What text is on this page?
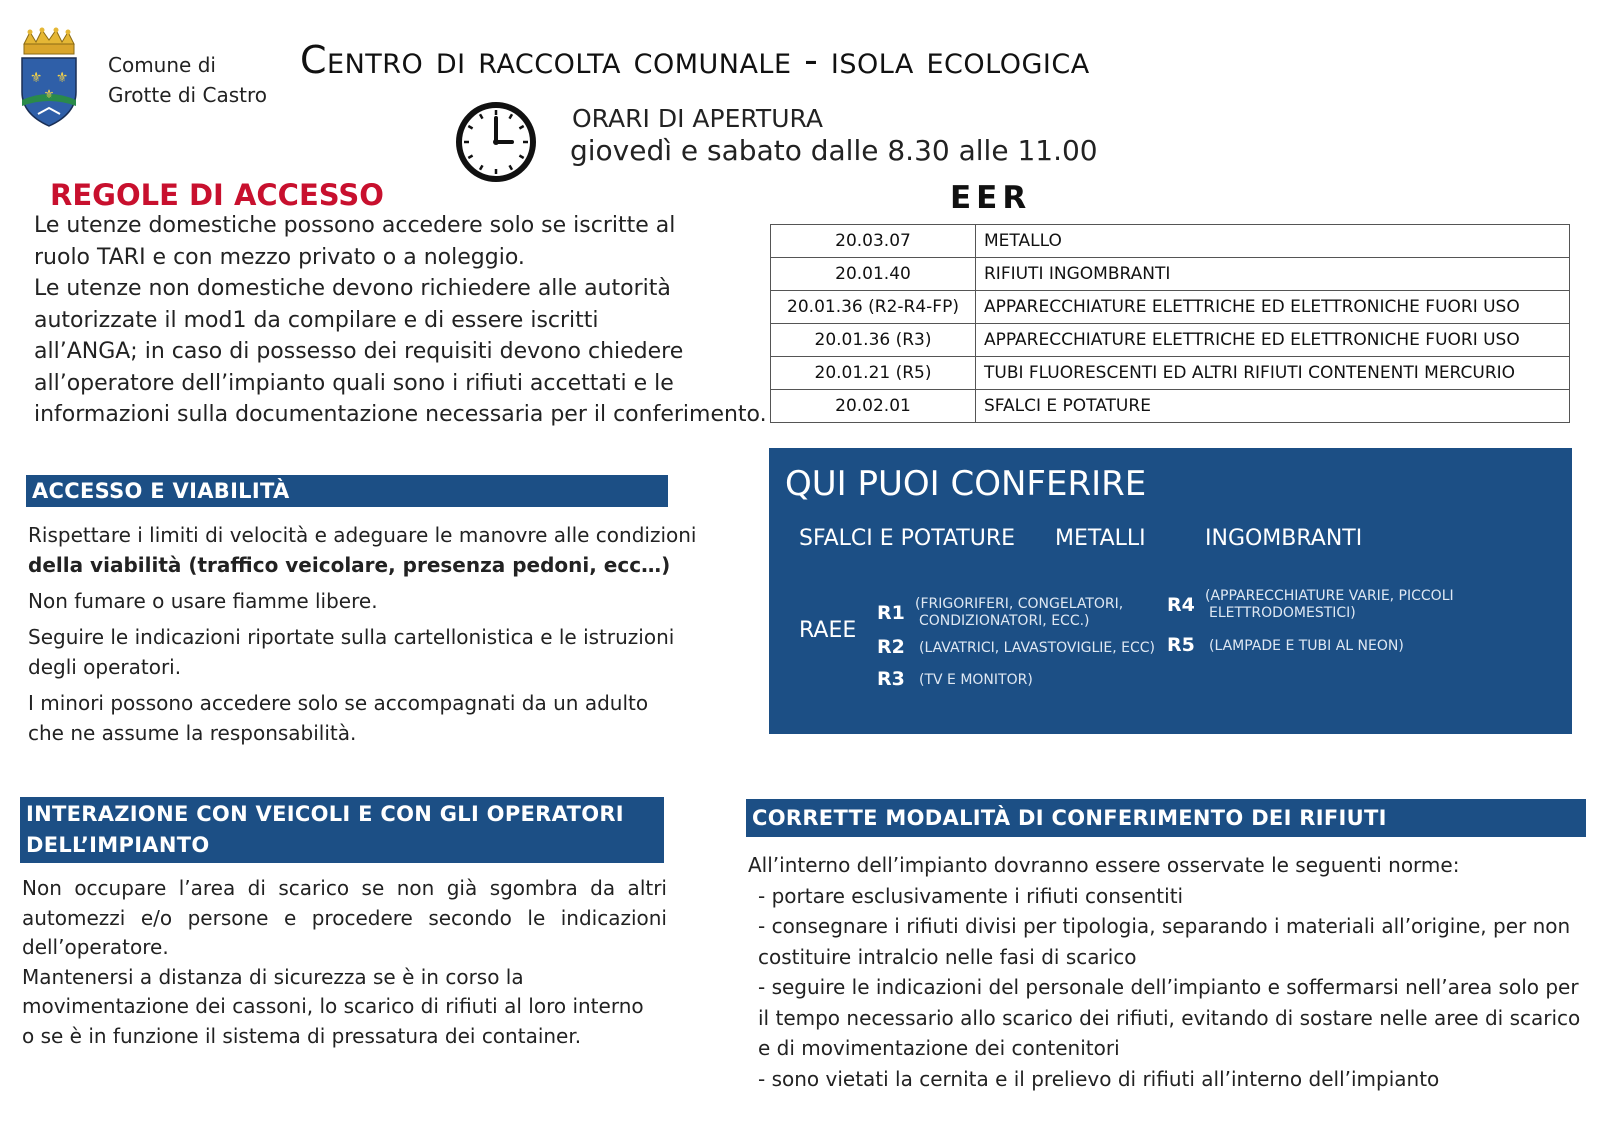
⚜ ⚜
⚜
Comune di
Grotte di Castro
Centro di raccolta comunale - isola ecologica
ORARI DI APERTURA
giovedì e sabato dalle 8.30 alle 11.00
REGOLE DI ACCESSO
Le utenze domestiche possono accedere solo se iscritte al
ruolo TARI e con mezzo privato o a noleggio.
Le utenze non domestiche devono richiedere alle autorità
autorizzate il mod1 da compilare e di essere iscritti
all’ANGA; in caso di possesso dei requisiti devono chiedere
all’operatore dell’impianto quali sono i rifiuti accettati e le
informazioni sulla documentazione necessaria per il conferimento.
EER
20.03.07	METALLO
20.01.40	RIFIUTI INGOMBRANTI
20.01.36 (R2-R4-FP)	APPARECCHIATURE ELETTRICHE ED ELETTRONICHE FUORI USO
20.01.36 (R3)	APPARECCHIATURE ELETTRICHE ED ELETTRONICHE FUORI USO
20.01.21 (R5)	TUBI FLUORESCENTI ED ALTRI RIFIUTI CONTENENTI MERCURIO
20.02.01	SFALCI E POTATURE
QUI PUOI CONFERIRE
SFALCI E POTATURE METALLI	INGOMBRANTI
RAEE
R1 (FRIGORIFERI, CONGELATORI,
CONDIZIONATORI, ECC.)
R2 (LAVATRICI, LAVASTOVIGLIE, ECC)
R3 (TV E MONITOR)
R4 (APPARECCHIATURE VARIE, PICCOLI
ELETTRODOMESTICI)
R5 (LAMPADE E TUBI AL NEON)
ACCESSO E VIABILITÀ

Rispettare i limiti di velocità e adeguare le manovre alle condizioni
della viabilità (traffico veicolare, presenza pedoni, ecc…)

Non fumare o usare fiamme libere.

Seguire le indicazioni riportate sulla cartellonistica e le istruzioni degli operatori.

I minori possono accedere solo se accompagnati da un adulto che ne assume la responsabilità.

INTERAZIONE CON VEICOLI E CON GLI OPERATORI DELL’IMPIANTO

Non occupare l’area di scarico se non già sgombra da altri automezzi e/o persone e procedere secondo le indicazioni dell’operatore.

Mantenersi a distanza di sicurezza se è in corso la movimentazione dei cassoni, lo scarico di rifiuti al loro interno o se è in funzione il sistema di pressatura dei container.

CORRETTE MODALITÀ DI CONFERIMENTO DEI RIFIUTI

All’interno dell’impianto dovranno essere osservate le seguenti norme:

- portare esclusivamente i rifiuti consentiti

- consegnare i rifiuti divisi per tipologia, separando i materiali all’origine, per non costituire intralcio nelle fasi di scarico

- seguire le indicazioni del personale dell’impianto e soffermarsi nell’area solo per il tempo necessario allo scarico dei rifiuti, evitando di sostare nelle aree di scarico e di movimentazione dei contenitori

- sono vietati la cernita e il prelievo di rifiuti all’interno dell’impianto
